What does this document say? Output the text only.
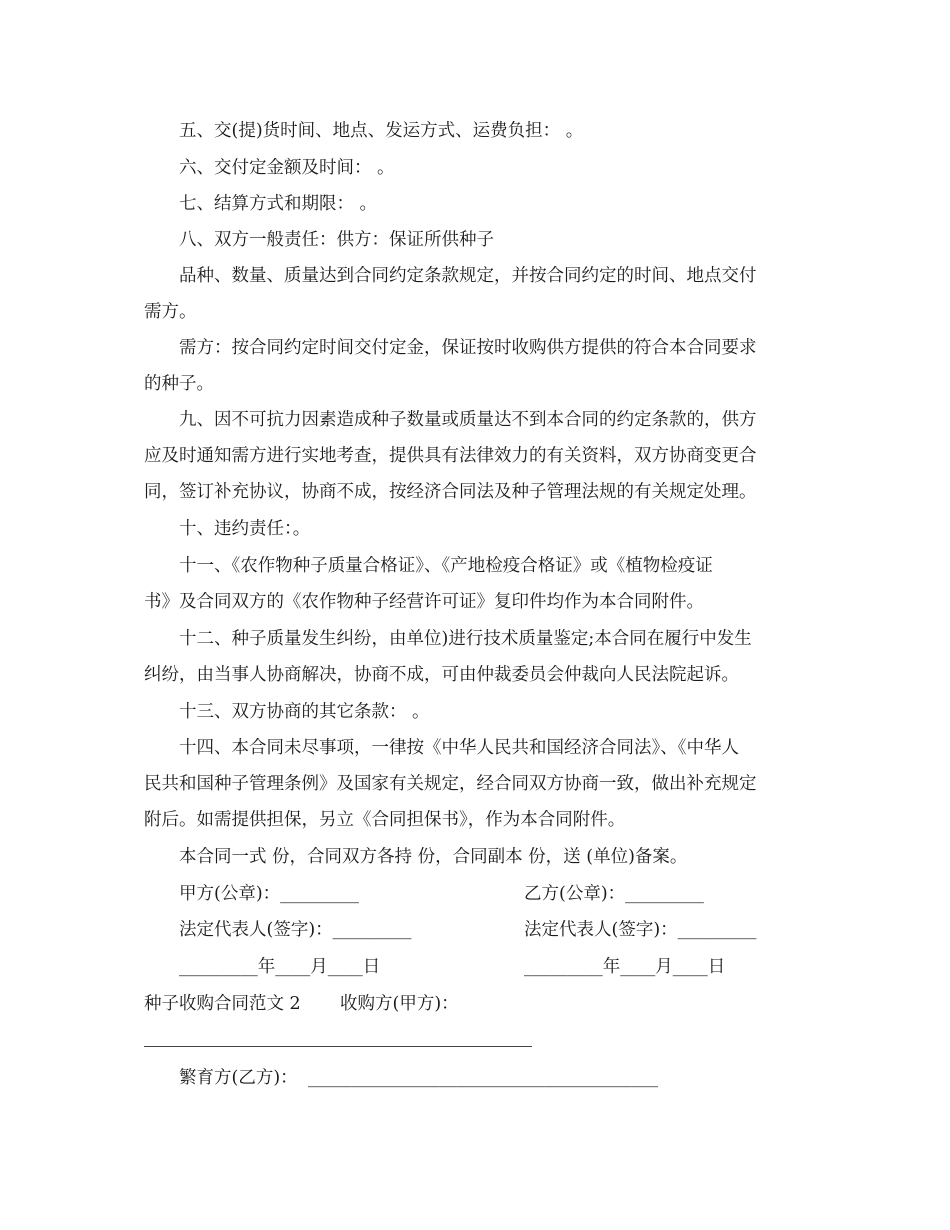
五、交(提)货时间、地点、发运方式、运费负担： 。
六、交付定金额及时间： 。
七、结算方式和期限： 。
八、双方一般责任：供方：保证所供种子
品种、数量、质量达到合同约定条款规定，并按合同约定的时间、地点交付
需方。
需方：按合同约定时间交付定金，保证按时收购供方提供的符合本合同要求
的种子。
九、因不可抗力因素造成种子数量或质量达不到本合同的约定条款的，供方
应及时通知需方进行实地考查，提供具有法律效力的有关资料，双方协商变更合
同，签订补充协议，协商不成，按经济合同法及种子管理法规的有关规定处理。
十、违约责任：。
十一、《农作物种子质量合格证》、《产地检疫合格证》或《植物检疫证
书》及合同双方的《农作物种子经营许可证》复印件均作为本合同附件。
十二、种子质量发生纠纷，由单位)进行技术质量鉴定;本合同在履行中发生
纠纷，由当事人协商解决，协商不成，可由仲裁委员会仲裁向人民法院起诉。
十三、双方协商的其它条款： 。
十四、本合同未尽事项，一律按《中华人民共和国经济合同法》、《中华人
民共和国种子管理条例》及国家有关规定，经合同双方协商一致，做出补充规定
附后。如需提供担保，另立《合同担保书》，作为本合同附件。
本合同一式 份，合同双方各持 份，合同副本 份，送 (单位)备案。
甲方(公章)：_________	乙方(公章)：_________
法定代表人(签字)：_________	法定代表人(签字)：_________
_________年____月____日	_________年____月____日
种子收购合同范文 2	收购方(甲方)：
繁育方(乙方)： ________________________________________
